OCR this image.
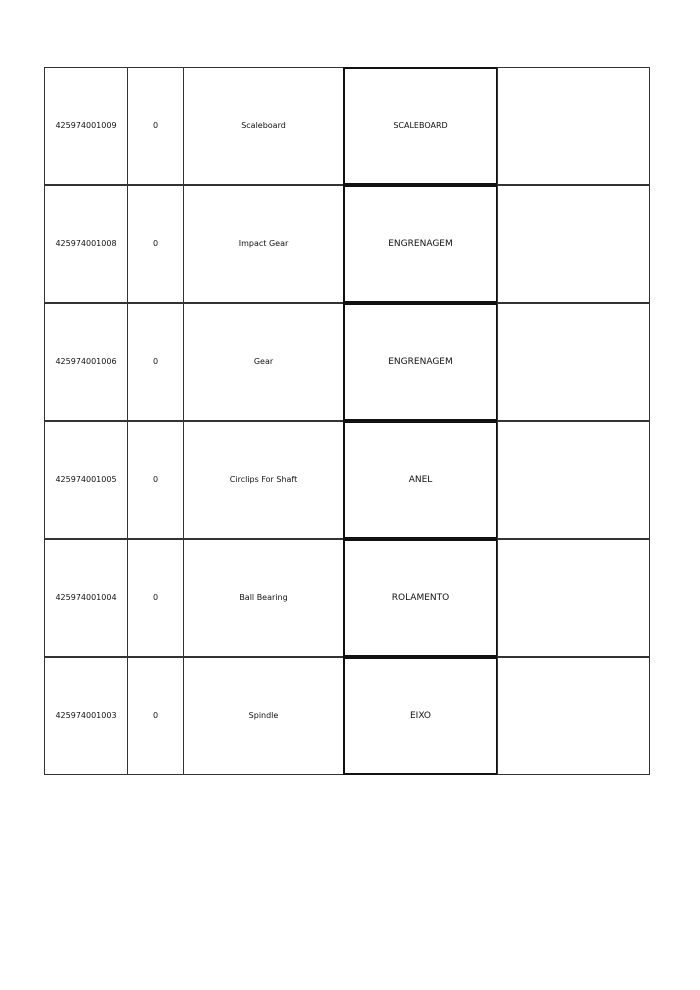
425974001009	0	Scaleboard	SCALEBOARD
425974001008	0	Impact Gear	ENGRENAGEM
425974001006	0	Gear	ENGRENAGEM
425974001005	0	Circlips For Shaft	ANEL
425974001004	0	Ball Bearing	ROLAMENTO
425974001003	0	Spindle	EIXO
